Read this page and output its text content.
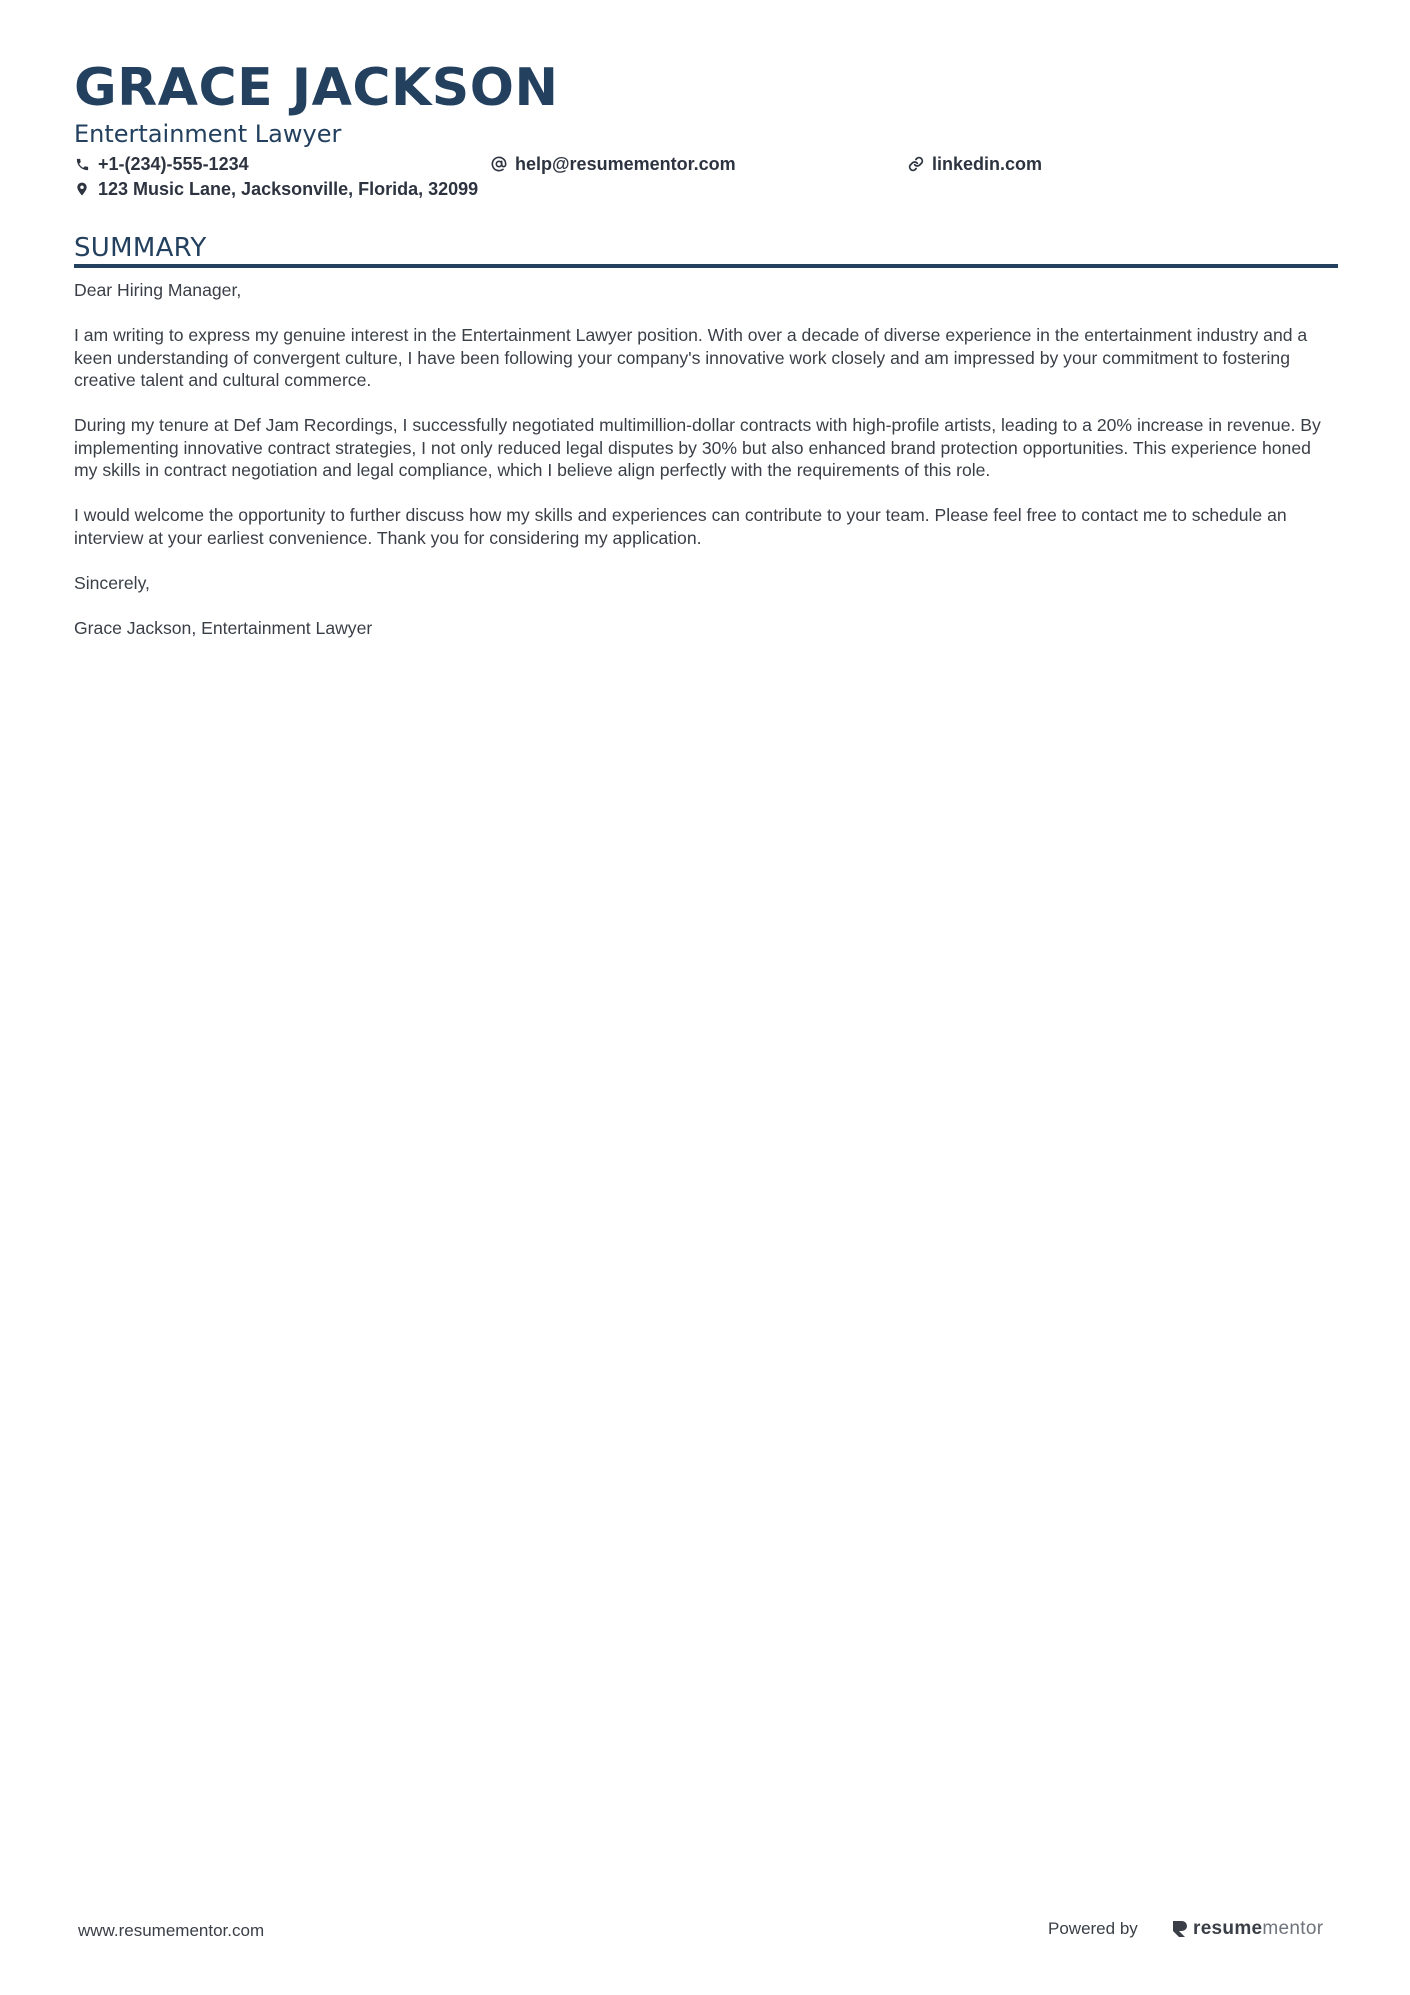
GRACE JACKSON
Entertainment Lawyer
+1-(234)-555-1234	help@resumementor.com	linkedin.com
123 Music Lane, Jacksonville, Florida, 32099
SUMMARY

Dear Hiring Manager,

I am writing to express my genuine interest in the Entertainment Lawyer position. With over a decade of diverse experience in the entertainment industry and a keen understanding of convergent culture, I have been following your company's innovative work closely and am impressed by your commitment to fostering creative talent and cultural commerce.

During my tenure at Def Jam Recordings, I successfully negotiated multimillion-dollar contracts with high-profile artists, leading to a 20% increase in revenue. By implementing innovative contract strategies, I not only reduced legal disputes by 30% but also enhanced brand protection opportunities. This experience honed my skills in contract negotiation and legal compliance, which I believe align perfectly with the requirements of this role.

I would welcome the opportunity to further discuss how my skills and experiences can contribute to your team. Please feel free to contact me to schedule an interview at your earliest convenience. Thank you for considering my application.

Sincerely,

Grace Jackson, Entertainment Lawyer

www.resumementor.com	Powered by	resumementor
